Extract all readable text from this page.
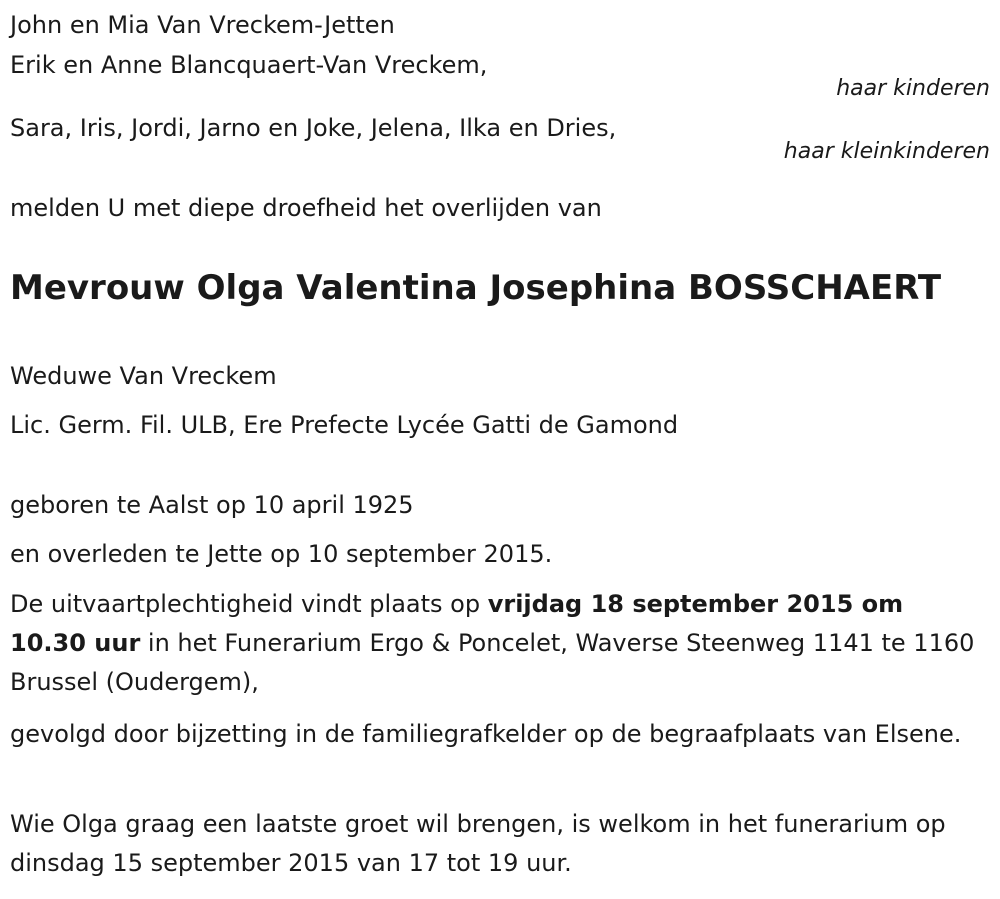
John en Mia Van Vreckem-Jetten

Erik en Anne Blancquaert-Van Vreckem,

haar kinderen

Sara, Iris, Jordi, Jarno en Joke, Jelena, Ilka en Dries,

haar kleinkinderen

melden U met diepe droefheid het overlijden van

Mevrouw Olga Valentina Josephina BOSSCHAERT

Weduwe Van Vreckem

Lic. Germ. Fil. ULB, Ere Prefecte Lycée Gatti de Gamond

geboren te Aalst op 10 april 1925

en overleden te Jette op 10 september 2015.

De uitvaartplechtigheid vindt plaats op vrijdag 18 september 2015 om 10.30 uur in het Funerarium Ergo & Poncelet, Waverse Steenweg 1141 te 1160 Brussel (Oudergem),

gevolgd door bijzetting in de familiegrafkelder op de begraafplaats van Elsene.

Wie Olga graag een laatste groet wil brengen, is welkom in het funerarium op dinsdag 15 september 2015 van 17 tot 19 uur.
